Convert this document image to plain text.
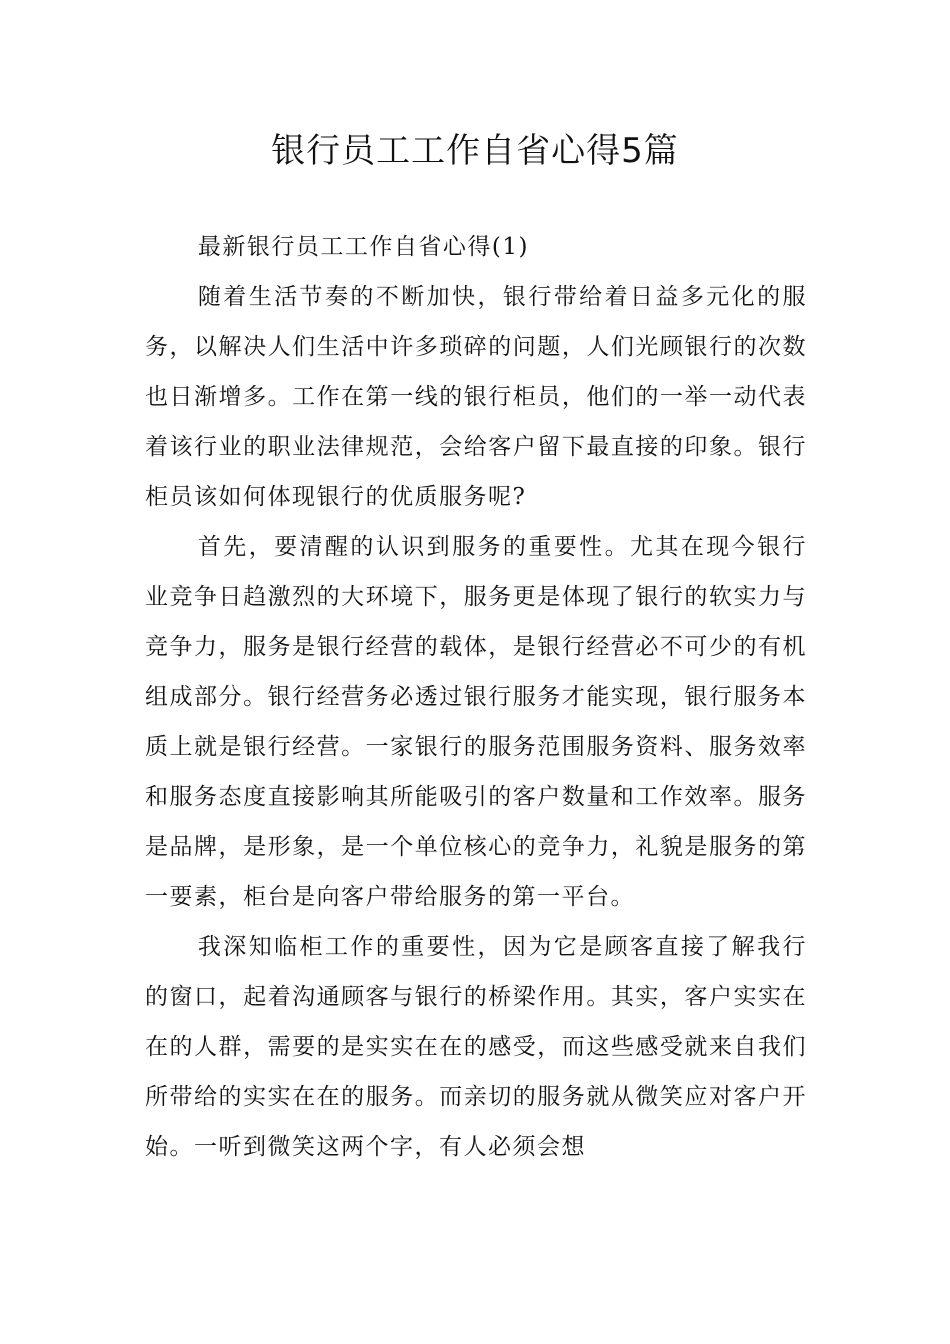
银行员工工作自省心得5篇

最新银行员工工作自省心得(1)

随着生活节奏的不断加快，银行带给着日益多元化的服务，以解决人们生活中许多琐碎的问题，人们光顾银行的次数也日渐增多。工作在第一线的银行柜员，他们的一举一动代表着该行业的职业法律规范，会给客户留下最直接的印象。银行柜员该如何体现银行的优质服务呢?

首先，要清醒的认识到服务的重要性。尤其在现今银行业竞争日趋激烈的大环境下，服务更是体现了银行的软实力与竞争力，服务是银行经营的载体，是银行经营必不可少的有机组成部分。银行经营务必透过银行服务才能实现，银行服务本质上就是银行经营。一家银行的服务范围服务资料、服务效率和服务态度直接影响其所能吸引的客户数量和工作效率。服务是品牌，是形象，是一个单位核心的竞争力，礼貌是服务的第一要素，柜台是向客户带给服务的第一平台。

我深知临柜工作的重要性，因为它是顾客直接了解我行的窗口，起着沟通顾客与银行的桥梁作用。其实，客户实实在在的人群，需要的是实实在在的感受，而这些感受就来自我们所带给的实实在在的服务。而亲切的服务就从微笑应对客户开始。一听到微笑这两个字，有人必须会想
